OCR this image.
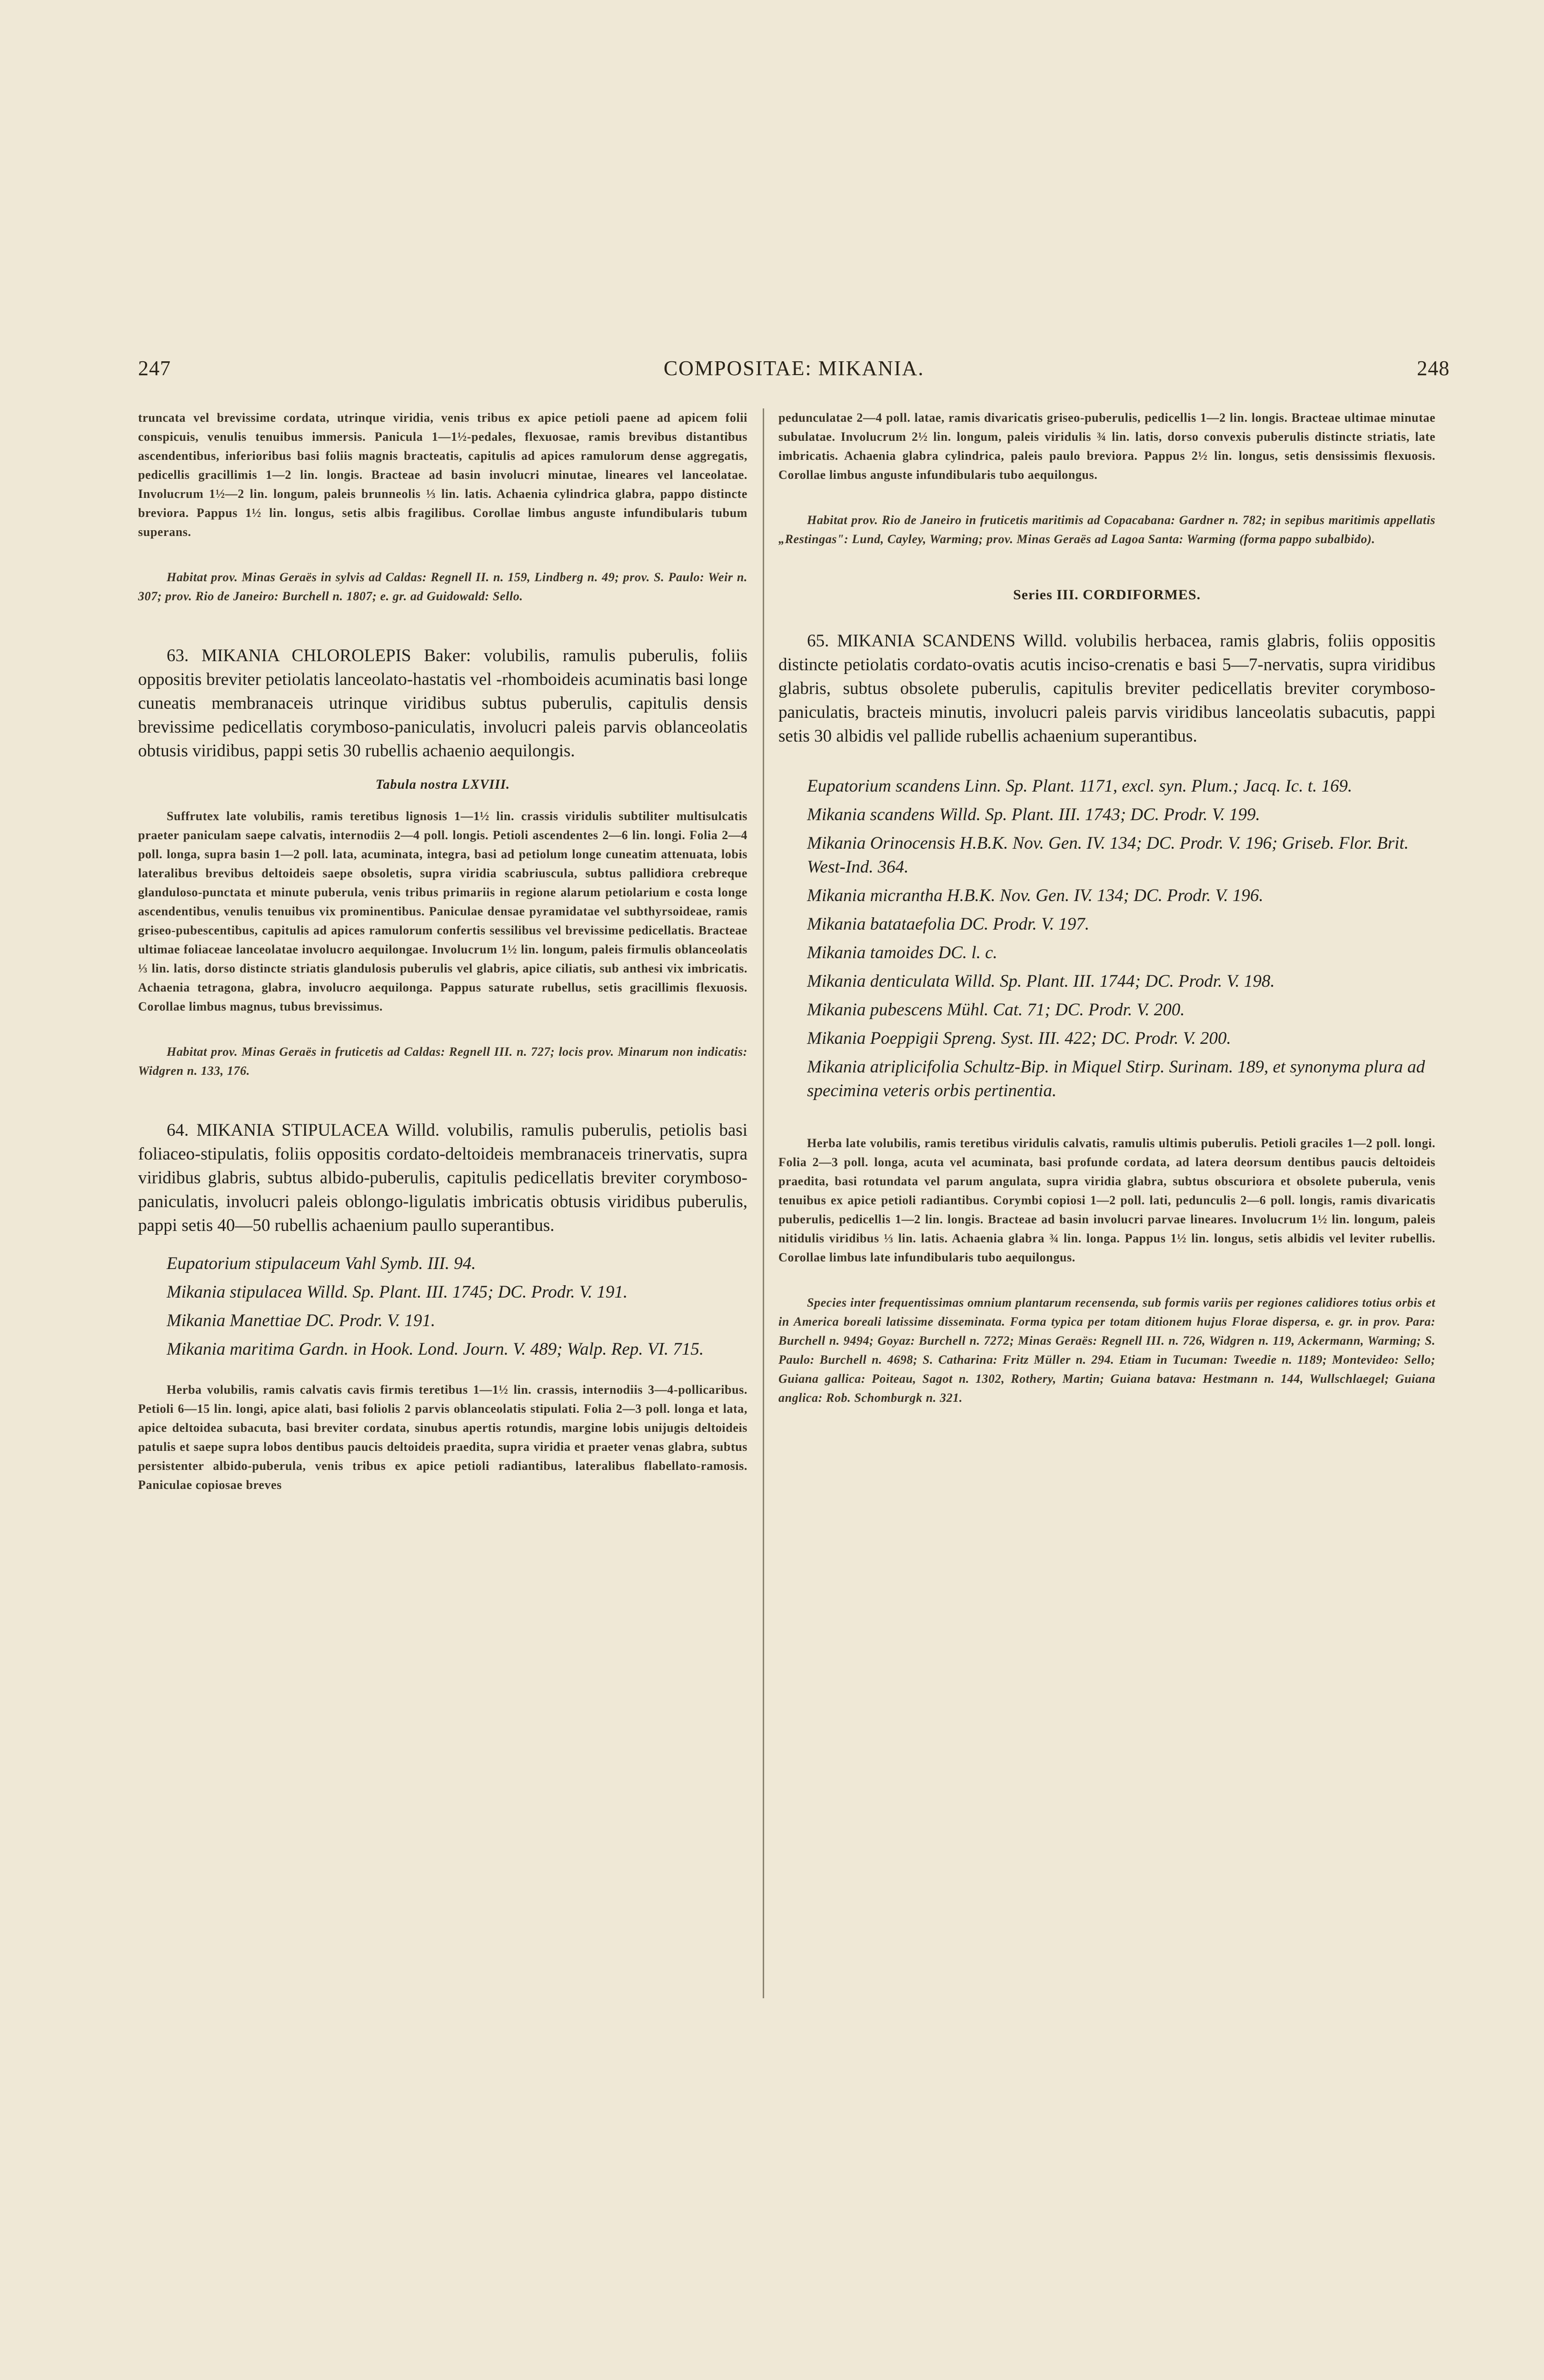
247	COMPOSITAE: MIKANIA.	248

truncata vel brevissime cordata, utrinque viridia, venis tribus ex apice petioli paene ad apicem folii conspicuis, venulis tenuibus immersis. Panicula 1—1½-pedales, flexuosae, ramis brevibus distantibus ascendentibus, inferioribus basi foliis magnis bracteatis, capitulis ad apices ramulorum dense aggregatis, pedicellis gracillimis 1—2 lin. longis. Bracteae ad basin involucri minutae, lineares vel lanceolatae. Involucrum 1½—2 lin. longum, paleis brunneolis ⅓ lin. latis. Achaenia cylindrica glabra, pappo distincte breviora. Pappus 1½ lin. longus, setis albis fragilibus. Corollae limbus anguste infundibularis tubum superans.

Habitat prov. Minas Geraës in sylvis ad Caldas: Regnell II. n. 159, Lindberg n. 49; prov. S. Paulo: Weir n. 307; prov. Rio de Janeiro: Burchell n. 1807; e. gr. ad Guidowald: Sello.

63. MIKANIA CHLOROLEPIS Baker: volubilis, ramulis puberulis, foliis oppositis breviter petiolatis lanceolato-hastatis vel -rhomboideis acuminatis basi longe cuneatis membranaceis utrinque viridibus subtus puberulis, capitulis densis brevissime pedicellatis corymboso-paniculatis, involucri paleis parvis oblanceolatis obtusis viridibus, pappi setis 30 rubellis achaenio aequilongis.

Tabula nostra LXVIII.

Suffrutex late volubilis, ramis teretibus lignosis 1—1½ lin. crassis viridulis subtiliter multisulcatis praeter paniculam saepe calvatis, internodiis 2—4 poll. longis. Petioli ascendentes 2—6 lin. longi. Folia 2—4 poll. longa, supra basin 1—2 poll. lata, acuminata, integra, basi ad petiolum longe cuneatim attenuata, lobis lateralibus brevibus deltoideis saepe obsoletis, supra viridia scabriuscula, subtus pallidiora crebreque glanduloso-punctata et minute puberula, venis tribus primariis in regione alarum petiolarium e costa longe ascendentibus, venulis tenuibus vix prominentibus. Paniculae densae pyramidatae vel subthyrsoideae, ramis griseo-pubescentibus, capitulis ad apices ramulorum confertis sessilibus vel brevissime pedicellatis. Bracteae ultimae foliaceae lanceolatae involucro aequilongae. Involucrum 1½ lin. longum, paleis firmulis oblanceolatis ⅓ lin. latis, dorso distincte striatis glandulosis puberulis vel glabris, apice ciliatis, sub anthesi vix imbricatis. Achaenia tetragona, glabra, involucro aequilonga. Pappus saturate rubellus, setis gracillimis flexuosis. Corollae limbus magnus, tubus brevissimus.

Habitat prov. Minas Geraës in fruticetis ad Caldas: Regnell III. n. 727; locis prov. Minarum non indicatis: Widgren n. 133, 176.

64. MIKANIA STIPULACEA Willd. volubilis, ramulis puberulis, petiolis basi foliaceo-stipulatis, foliis oppositis cordato-deltoideis membranaceis trinervatis, supra viridibus glabris, subtus albido-puberulis, capitulis pedicellatis breviter corymboso-paniculatis, involucri paleis oblongo-ligulatis imbricatis obtusis viridibus puberulis, pappi setis 40—50 rubellis achaenium paullo superantibus.

Eupatorium stipulaceum Vahl Symb. III. 94.

Mikania stipulacea Willd. Sp. Plant. III. 1745; DC. Prodr. V. 191.

Mikania Manettiae DC. Prodr. V. 191.

Mikania maritima Gardn. in Hook. Lond. Journ. V. 489; Walp. Rep. VI. 715.

Herba volubilis, ramis calvatis cavis firmis teretibus 1—1½ lin. crassis, internodiis 3—4-pollicaribus. Petioli 6—15 lin. longi, apice alati, basi foliolis 2 parvis oblanceolatis stipulati. Folia 2—3 poll. longa et lata, apice deltoidea subacuta, basi breviter cordata, sinubus apertis rotundis, margine lobis unijugis deltoideis patulis et saepe supra lobos dentibus paucis deltoideis praedita, supra viridia et praeter venas glabra, subtus persistenter albido-puberula, venis tribus ex apice petioli radiantibus, lateralibus flabellato-ramosis. Paniculae copiosae breves

pedunculatae 2—4 poll. latae, ramis divaricatis griseo-puberulis, pedicellis 1—2 lin. longis. Bracteae ultimae minutae subulatae. Involucrum 2½ lin. longum, paleis viridulis ¾ lin. latis, dorso convexis puberulis distincte striatis, late imbricatis. Achaenia glabra cylindrica, paleis paulo breviora. Pappus 2½ lin. longus, setis densissimis flexuosis. Corollae limbus anguste infundibularis tubo aequilongus.

Habitat prov. Rio de Janeiro in fruticetis maritimis ad Copacabana: Gardner n. 782; in sepibus maritimis appellatis „Restingas": Lund, Cayley, Warming; prov. Minas Geraës ad Lagoa Santa: Warming (forma pappo subalbido).

Series III. CORDIFORMES.

65. MIKANIA SCANDENS Willd. volubilis herbacea, ramis glabris, foliis oppositis distincte petiolatis cordato-ovatis acutis inciso-crenatis e basi 5—7-nervatis, supra viridibus glabris, subtus obsolete puberulis, capitulis breviter pedicellatis breviter corymboso-paniculatis, bracteis minutis, involucri paleis parvis viridibus lanceolatis subacutis, pappi setis 30 albidis vel pallide rubellis achaenium superantibus.

Eupatorium scandens Linn. Sp. Plant. 1171, excl. syn. Plum.; Jacq. Ic. t. 169.

Mikania scandens Willd. Sp. Plant. III. 1743; DC. Prodr. V. 199.

Mikania Orinocensis H.B.K. Nov. Gen. IV. 134; DC. Prodr. V. 196; Griseb. Flor. Brit. West-Ind. 364.

Mikania micrantha H.B.K. Nov. Gen. IV. 134; DC. Prodr. V. 196.

Mikania batataefolia DC. Prodr. V. 197.

Mikania tamoides DC. l. c.

Mikania denticulata Willd. Sp. Plant. III. 1744; DC. Prodr. V. 198.

Mikania pubescens Mühl. Cat. 71; DC. Prodr. V. 200.

Mikania Poeppigii Spreng. Syst. III. 422; DC. Prodr. V. 200.

Mikania atriplicifolia Schultz-Bip. in Miquel Stirp. Surinam. 189, et synonyma plura ad specimina veteris orbis pertinentia.

Herba late volubilis, ramis teretibus viridulis calvatis, ramulis ultimis puberulis. Petioli graciles 1—2 poll. longi. Folia 2—3 poll. longa, acuta vel acuminata, basi profunde cordata, ad latera deorsum dentibus paucis deltoideis praedita, basi rotundata vel parum angulata, supra viridia glabra, subtus obscuriora et obsolete puberula, venis tenuibus ex apice petioli radiantibus. Corymbi copiosi 1—2 poll. lati, pedunculis 2—6 poll. longis, ramis divaricatis puberulis, pedicellis 1—2 lin. longis. Bracteae ad basin involucri parvae lineares. Involucrum 1½ lin. longum, paleis nitidulis viridibus ⅓ lin. latis. Achaenia glabra ¾ lin. longa. Pappus 1½ lin. longus, setis albidis vel leviter rubellis. Corollae limbus late infundibularis tubo aequilongus.

Species inter frequentissimas omnium plantarum recensenda, sub formis variis per regiones calidiores totius orbis et in America boreali latissime disseminata. Forma typica per totam ditionem hujus Florae dispersa, e. gr. in prov. Para: Burchell n. 9494; Goyaz: Burchell n. 7272; Minas Geraës: Regnell III. n. 726, Widgren n. 119, Ackermann, Warming; S. Paulo: Burchell n. 4698; S. Catharina: Fritz Müller n. 294. Etiam in Tucuman: Tweedie n. 1189; Montevideo: Sello; Guiana gallica: Poiteau, Sagot n. 1302, Rothery, Martin; Guiana batava: Hestmann n. 144, Wullschlaegel; Guiana anglica: Rob. Schomburgk n. 321.
